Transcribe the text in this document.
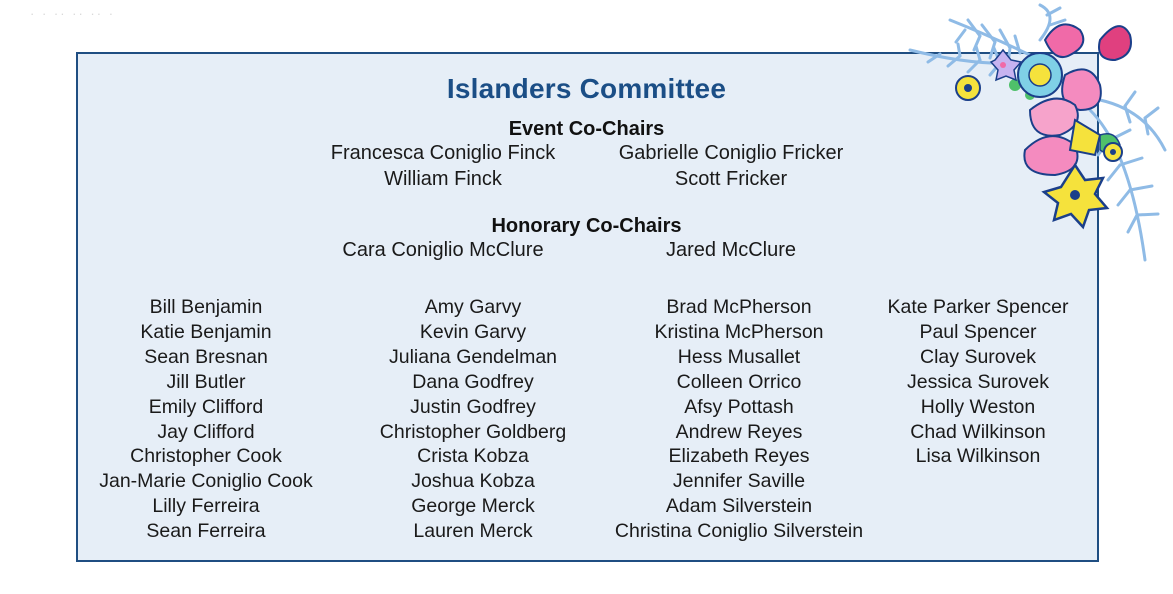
· · ·· ·· ·· ·
Islanders Committee
Event Co-Chairs
Francesca Coniglio Finck	Gabrielle Coniglio Fricker
William Finck	Scott Fricker
Honorary Co-Chairs
Cara Coniglio McClure	Jared McClure
Bill Benjamin
Katie Benjamin
Sean Bresnan
Jill Butler
Emily Clifford
Jay Clifford
Christopher Cook
Jan-Marie Coniglio Cook
Lilly Ferreira
Sean Ferreira
Amy Garvy
Kevin Garvy
Juliana Gendelman
Dana Godfrey
Justin Godfrey
Christopher Goldberg
Crista Kobza
Joshua Kobza
George Merck
Lauren Merck
Brad McPherson
Kristina McPherson
Hess Musallet
Colleen Orrico
Afsy Pottash
Andrew Reyes
Elizabeth Reyes
Jennifer Saville
Adam Silverstein
Christina Coniglio Silverstein
Kate Parker Spencer
Paul Spencer
Clay Surovek
Jessica Surovek
Holly Weston
Chad Wilkinson
Lisa Wilkinson
